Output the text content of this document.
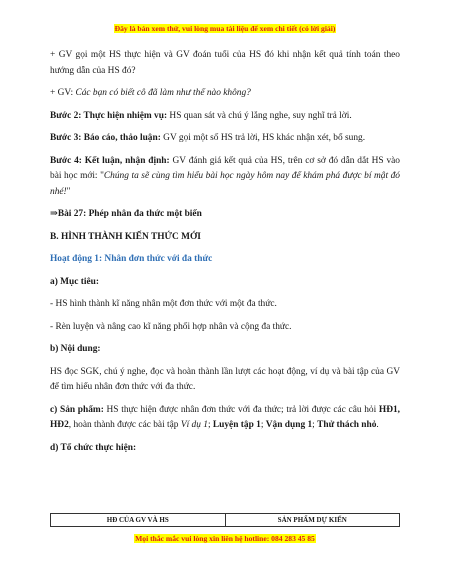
Đây là bản xem thử, vui lòng mua tài liệu để xem chi tiết (có lời giải)

+ GV gọi một HS thực hiện và GV đoán tuổi của HS đó khi nhận kết quả tính toán theo hướng dẫn của HS đó?

+ GV: Các bạn có biết cô đã làm như thế nào không?

Bước 2: Thực hiện nhiệm vụ: HS quan sát và chú ý lắng nghe, suy nghĩ trả lời.

Bước 3: Báo cáo, thảo luận: GV gọi một số HS trả lời, HS khác nhận xét, bổ sung.

Bước 4: Kết luận, nhận định: GV đánh giá kết quả của HS, trên cơ sở đó dẫn dắt HS vào bài học mới: "Chúng ta sẽ cùng tìm hiểu bài học ngày hôm nay để khám phá được bí mật đó nhé!"

⇒Bài 27: Phép nhân đa thức một biến

B. HÌNH THÀNH KIẾN THỨC MỚI

Hoạt động 1: Nhân đơn thức với đa thức

a) Mục tiêu:

- HS hình thành kĩ năng nhân một đơn thức với một đa thức.

- Rèn luyện và nâng cao kĩ năng phối hợp nhân và cộng đa thức.

b) Nội dung:

HS đọc SGK, chú ý nghe, đọc và hoàn thành lần lượt các hoạt động, ví dụ và bài tập của GV để tìm hiểu nhân đơn thức với đa thức.

c) Sản phẩm: HS thực hiện được nhân đơn thức với đa thức; trả lời được các câu hỏi HĐ1, HĐ2, hoàn thành được các bài tập Ví dụ 1; Luyện tập 1; Vận dụng 1; Thử thách nhỏ.

d) Tổ chức thực hiện:

HĐ CỦA GV VÀ HS	SẢN PHẨM DỰ KIẾN
Mọi thắc mắc vui lòng xin liên hệ hotline: 084 283 45 85
